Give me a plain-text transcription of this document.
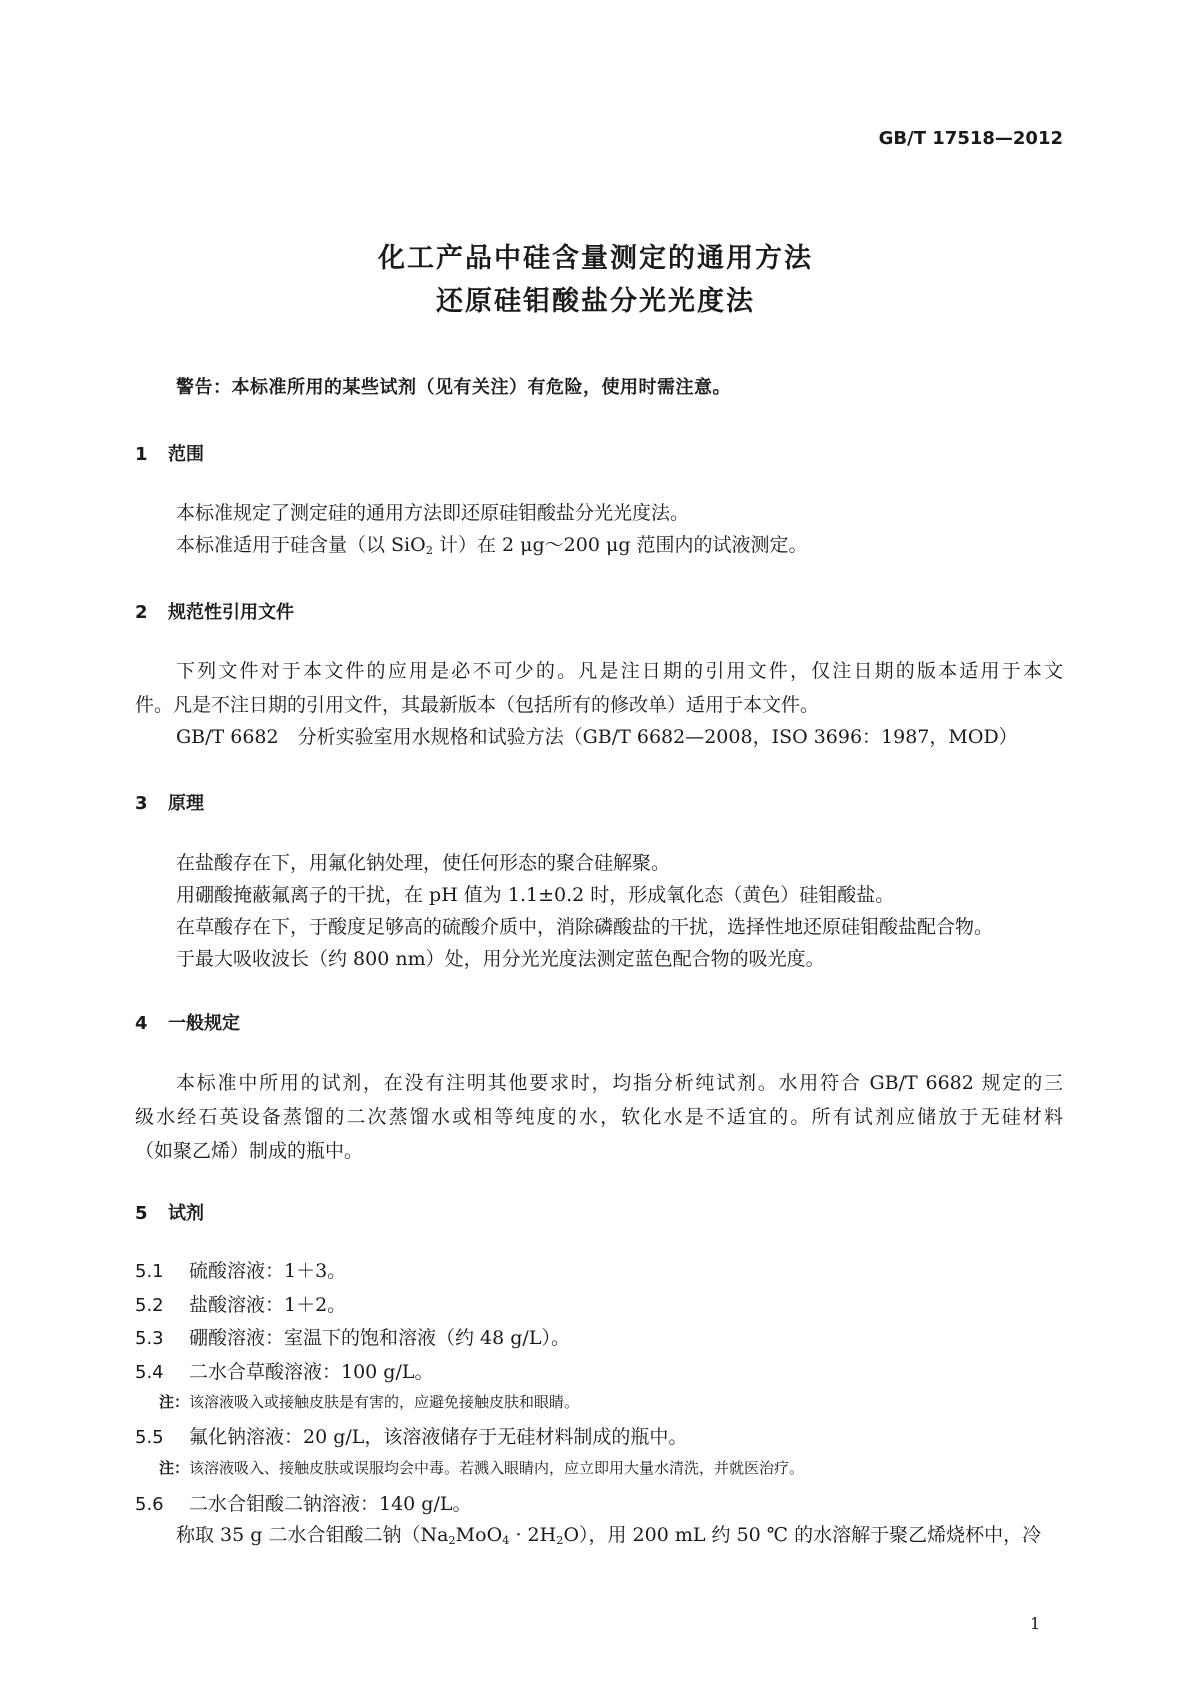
GB/T 17518—2012
化工产品中硅含量测定的通用方法
还原硅钼酸盐分光光度法
警告：本标准所用的某些试剂（见有关注）有危险，使用时需注意。
1 范围
本标准规定了测定硅的通用方法即还原硅钼酸盐分光光度法。
本标准适用于硅含量（以 SiO$_2$ 计）在 2 μg～200 μg 范围内的试液测定。
2 规范性引用文件
下列文件对于本文件的应用是必不可少的。凡是注日期的引用文件，仅注日期的版本适用于本文
件。凡是不注日期的引用文件，其最新版本（包括所有的修改单）适用于本文件。
GB/T 6682　分析实验室用水规格和试验方法（GB/T 6682—2008，ISO 3696：1987，MOD）
3 原理
在盐酸存在下，用氟化钠处理，使任何形态的聚合硅解聚。
用硼酸掩蔽氟离子的干扰，在 pH 值为 1.1±0.2 时，形成氧化态（黄色）硅钼酸盐。
在草酸存在下，于酸度足够高的硫酸介质中，消除磷酸盐的干扰，选择性地还原硅钼酸盐配合物。
于最大吸收波长（约 800 nm）处，用分光光度法测定蓝色配合物的吸光度。
4 一般规定
本标准中所用的试剂，在没有注明其他要求时，均指分析纯试剂。水用符合 GB/T 6682 规定的三
级水经石英设备蒸馏的二次蒸馏水或相等纯度的水，软化水是不适宜的。所有试剂应储放于无硅材料
（如聚乙烯）制成的瓶中。
5 试剂
5.1 硫酸溶液：1＋3。
5.2 盐酸溶液：1＋2。
5.3 硼酸溶液：室温下的饱和溶液（约 48 g/L）。
5.4 二水合草酸溶液：100 g/L。
注：该溶液吸入或接触皮肤是有害的，应避免接触皮肤和眼睛。
5.5 氟化钠溶液：20 g/L，该溶液储存于无硅材料制成的瓶中。
注：该溶液吸入、接触皮肤或误服均会中毒。若溅入眼睛内，应立即用大量水清洗，并就医治疗。
5.6 二水合钼酸二钠溶液：140 g/L。
称取 35 g 二水合钼酸二钠$(Na_2MoO_4 \cdot 2H_2O)$，用 200 mL 约 50 ℃ 的水溶解于聚乙烯烧杯中，冷
1
